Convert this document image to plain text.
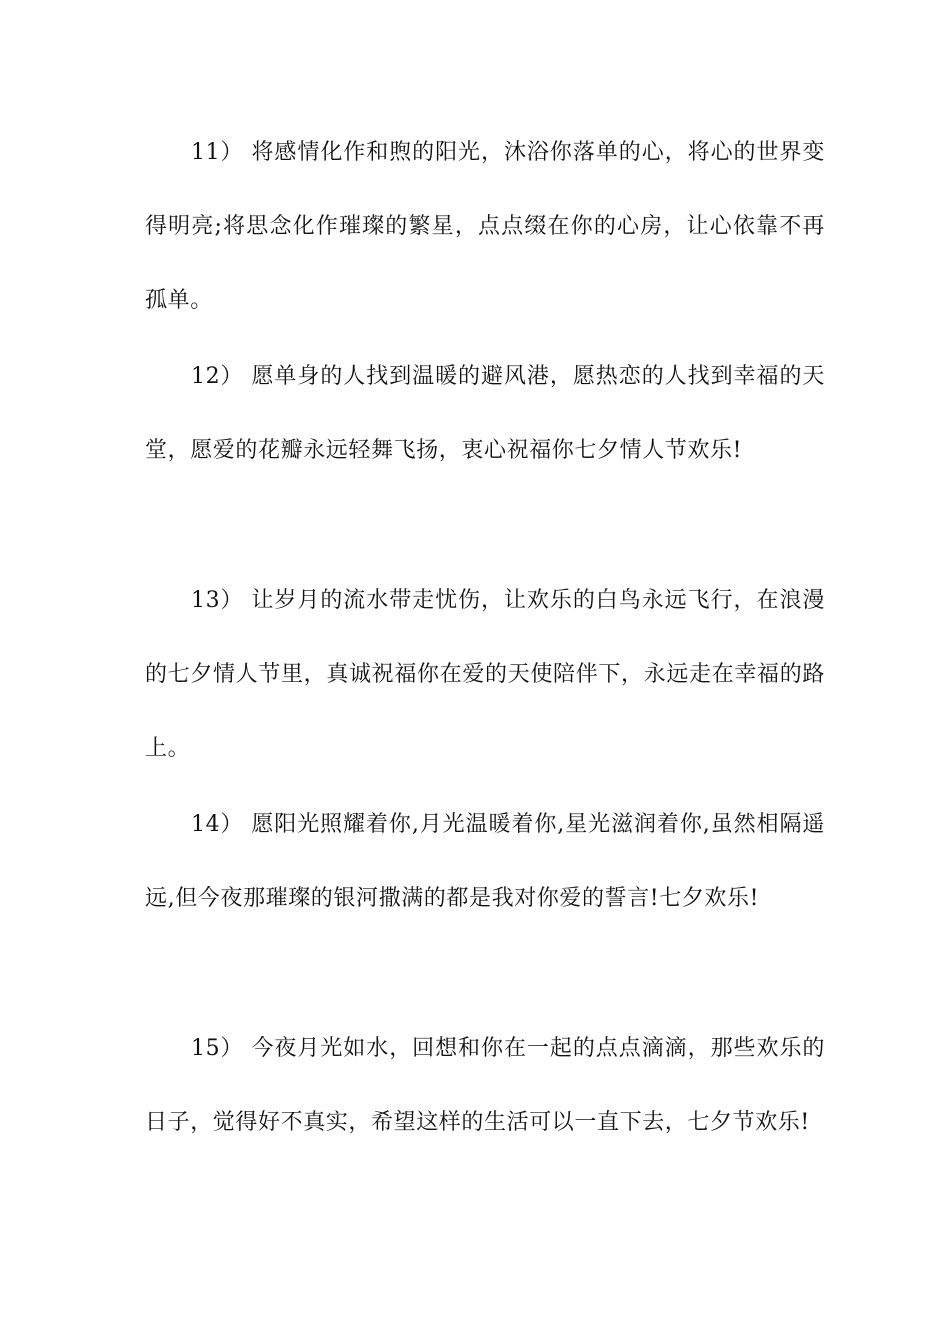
11） 将感情化作和煦的阳光，沐浴你落单的心，将心的世界变得明亮;将思念化作璀璨的繁星，点点缀在你的心房，让心依靠不再孤单。

12） 愿单身的人找到温暖的避风港，愿热恋的人找到幸福的天堂，愿爱的花瓣永远轻舞飞扬，衷心祝福你七夕情人节欢乐!

13） 让岁月的流水带走忧伤，让欢乐的白鸟永远飞行，在浪漫的七夕情人节里，真诚祝福你在爱的天使陪伴下，永远走在幸福的路上。

14） 愿阳光照耀着你,月光温暖着你,星光滋润着你,虽然相隔遥远,但今夜那璀璨的银河撒满的都是我对你爱的誓言!七夕欢乐!

15） 今夜月光如水，回想和你在一起的点点滴滴，那些欢乐的日子，觉得好不真实，希望这样的生活可以一直下去，七夕节欢乐!
